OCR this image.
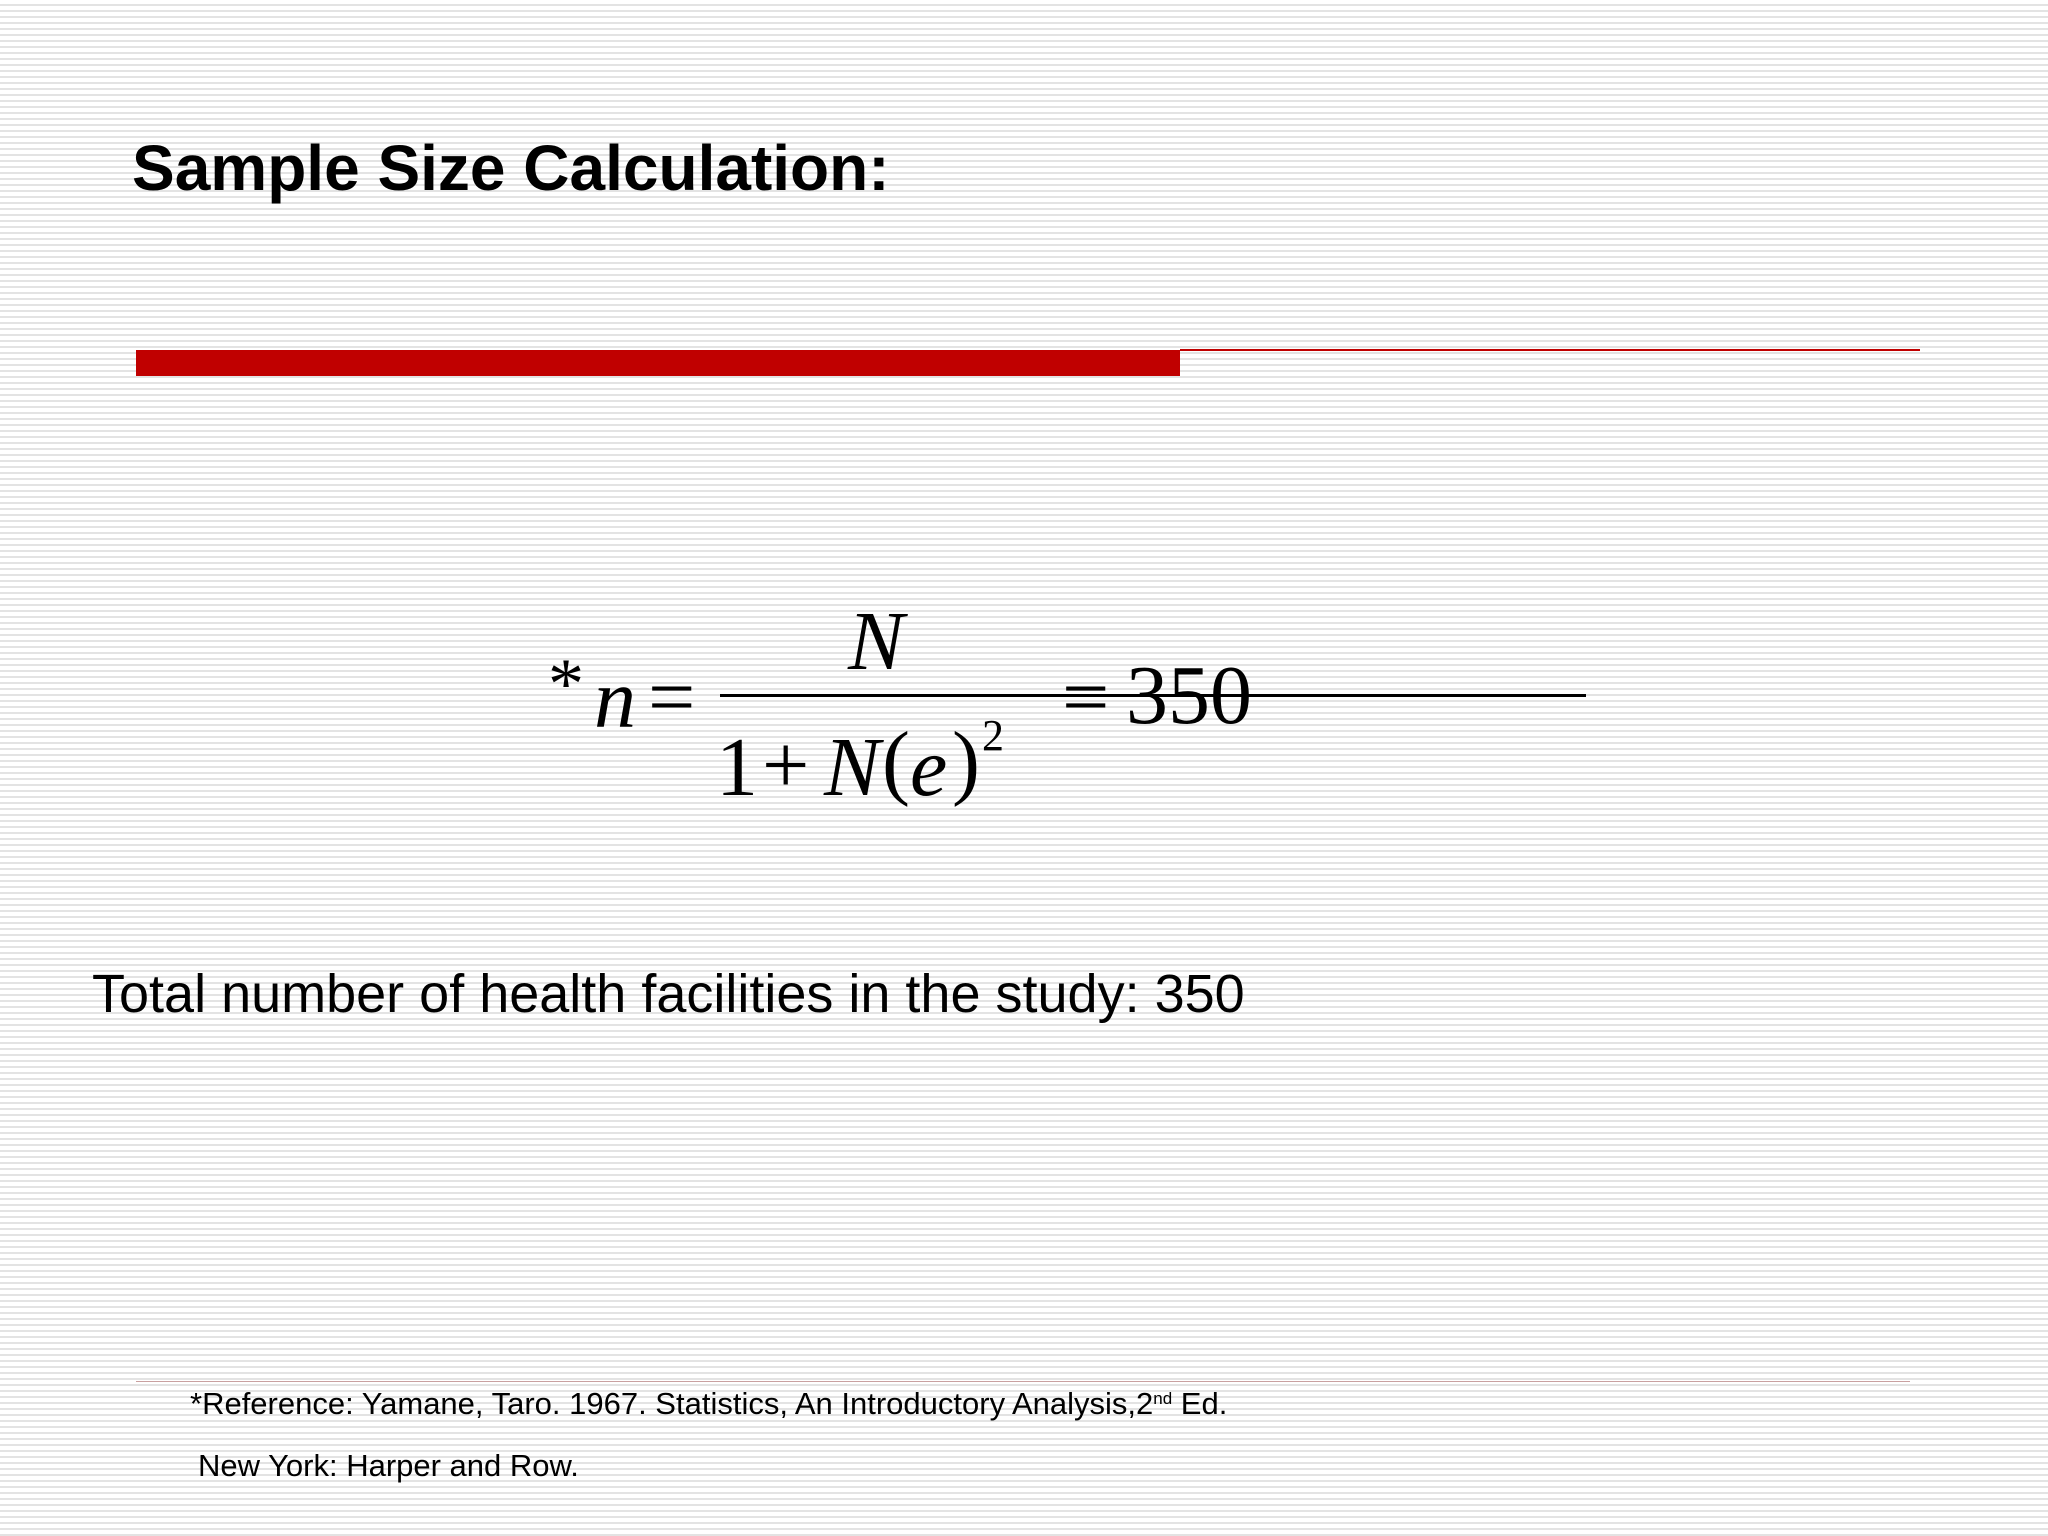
Sample Size Calculation:
* n =
N
1 + N ( e ) 2 = 350
Total number of health facilities in the study: 350
*Reference: Yamane, Taro. 1967. Statistics, An Introductory Analysis,2nd Ed.
New York: Harper and Row.
